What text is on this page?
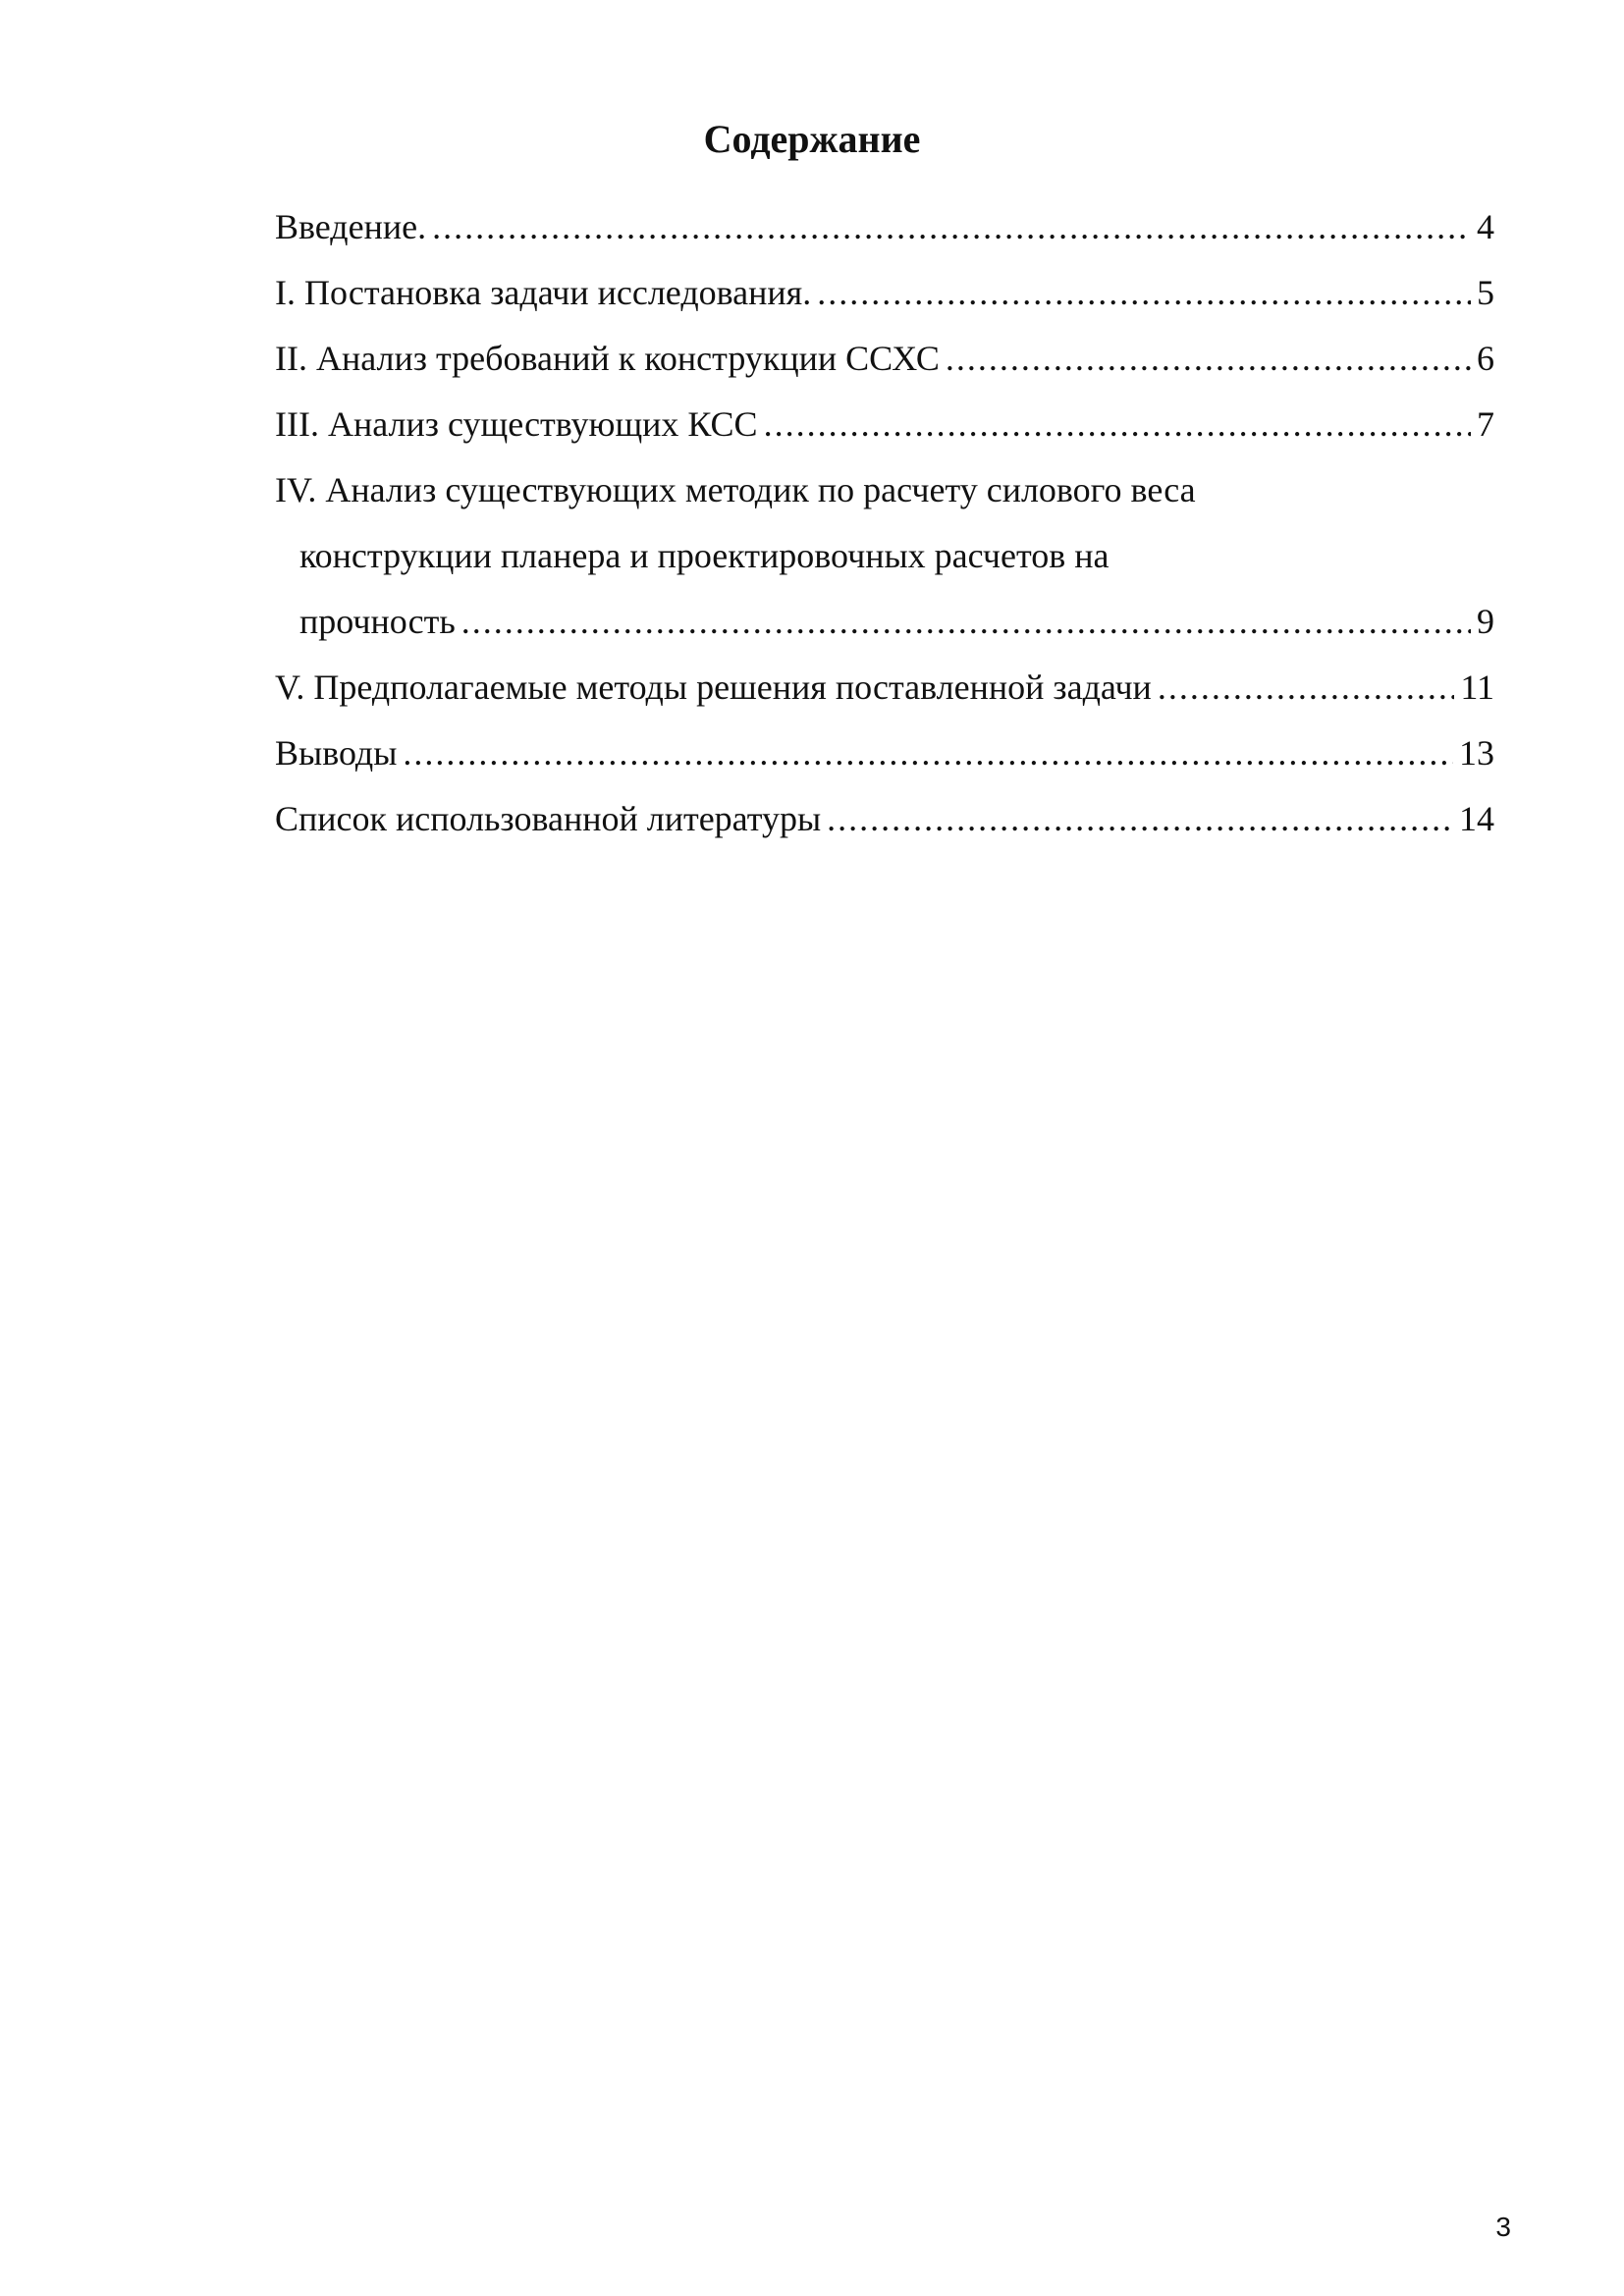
Содержание
Введение. .....	4
I. Постановка задачи исследования. .....	5
II. Анализ требований к конструкции ССХС .....	6
III. Анализ существующих КСС .....	7
IV. Анализ существующих методик по расчету силового веса
конструкции планера и проектировочных расчетов на
прочность .....	9
V. Предполагаемые методы решения поставленной задачи .....	11
Выводы .....	13
Список использованной литературы .....	14
3
